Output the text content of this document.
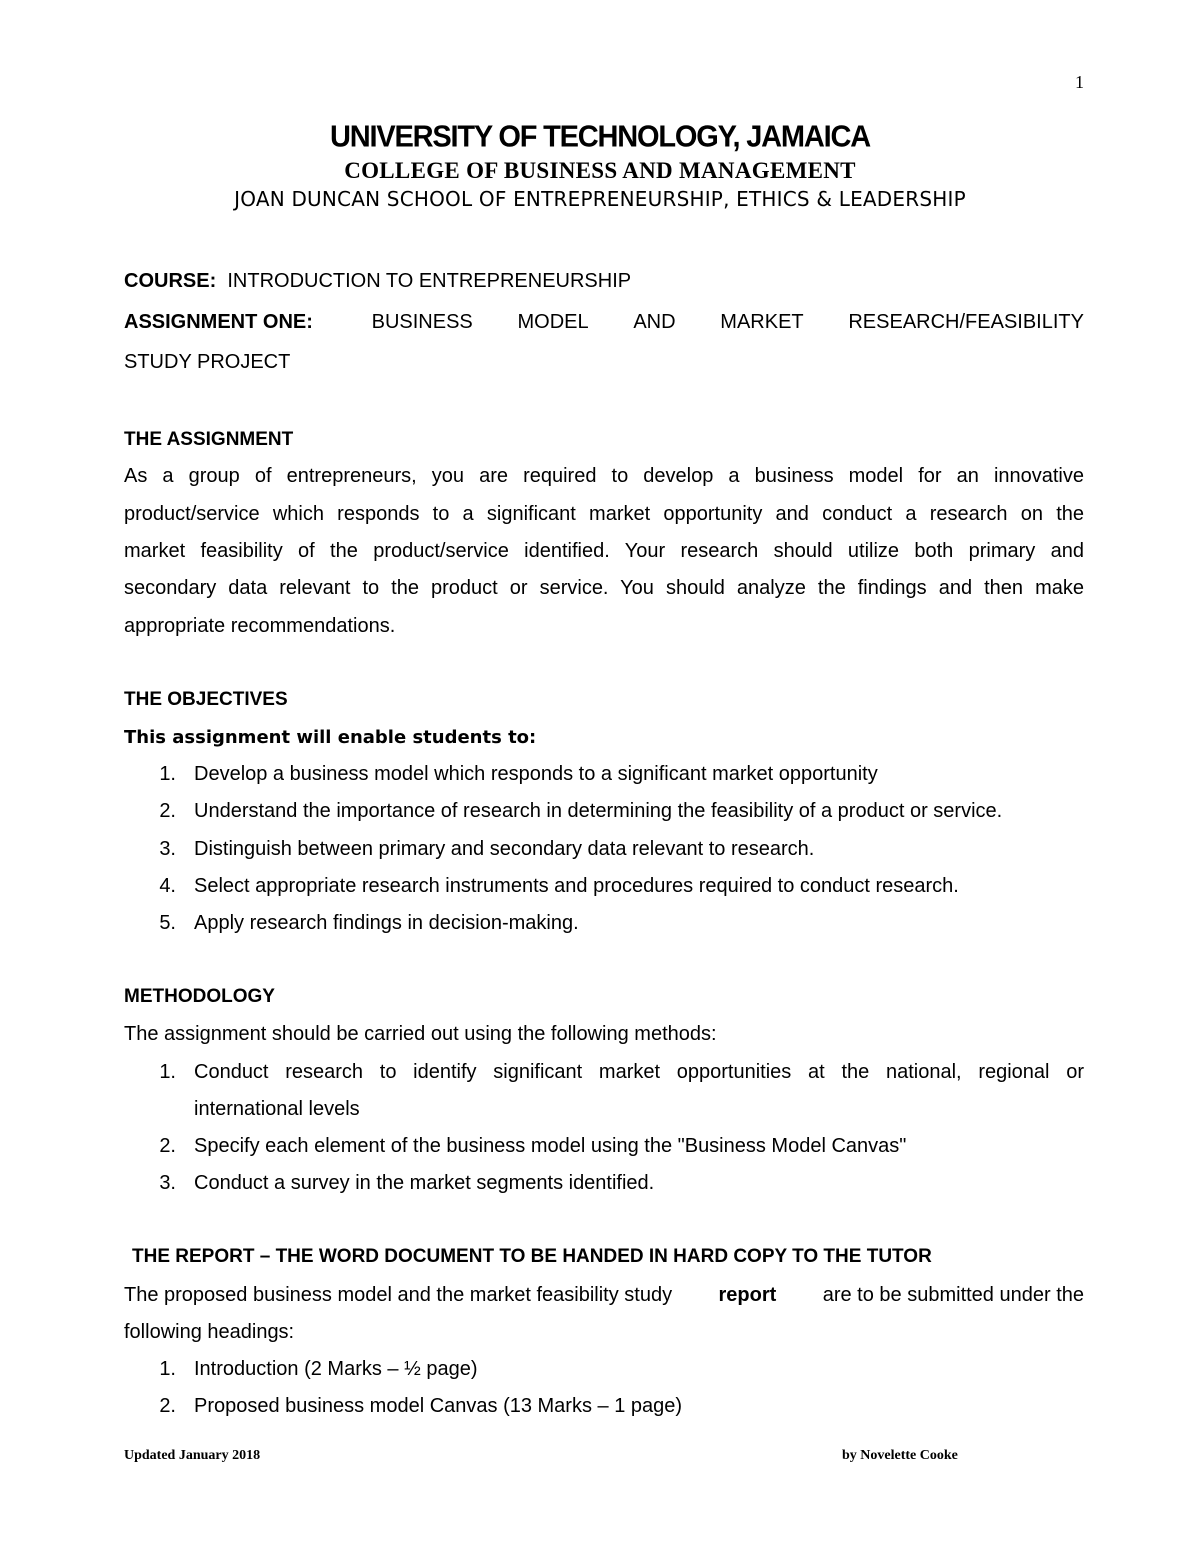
1
UNIVERSITY OF TECHNOLOGY, JAMAICA
COLLEGE OF BUSINESS AND MANAGEMENT
JOAN DUNCAN SCHOOL OF ENTREPRENEURSHIP, ETHICS & LEADERSHIP
COURSE: INTRODUCTION TO ENTREPRENEURSHIP
ASSIGNMENT ONE:	BUSINESS MODEL AND MARKET RESEARCH/FEASIBILITY
STUDY PROJECT
THE ASSIGNMENT
As a group of entrepreneurs, you are required to develop a business model for an innovative
product/service which responds to a significant market opportunity and conduct a research on the
market feasibility of the product/service identified. Your research should utilize both primary and
secondary data relevant to the product or service. You should analyze the findings and then make
appropriate recommendations.
THE OBJECTIVES
This assignment will enable students to:
1. Develop a business model which responds to a significant market opportunity
2. Understand the importance of research in determining the feasibility of a product or service.
3. Distinguish between primary and secondary data relevant to research.
4. Select appropriate research instruments and procedures required to conduct research.
5. Apply research findings in decision-making.
METHODOLOGY
The assignment should be carried out using the following methods:
1. Conduct research to identify significant market opportunities at the national, regional or
international levels
2. Specify each element of the business model using the "Business Model Canvas"
3. Conduct a survey in the market segments identified.
THE REPORT – THE WORD DOCUMENT TO BE HANDED IN HARD COPY TO THE TUTOR
The proposed business model and the market feasibility study report are to be submitted under the
following headings:
1. Introduction (2 Marks – ½ page)
2. Proposed business model Canvas (13 Marks – 1 page)
Updated January 2018	by Novelette Cooke
